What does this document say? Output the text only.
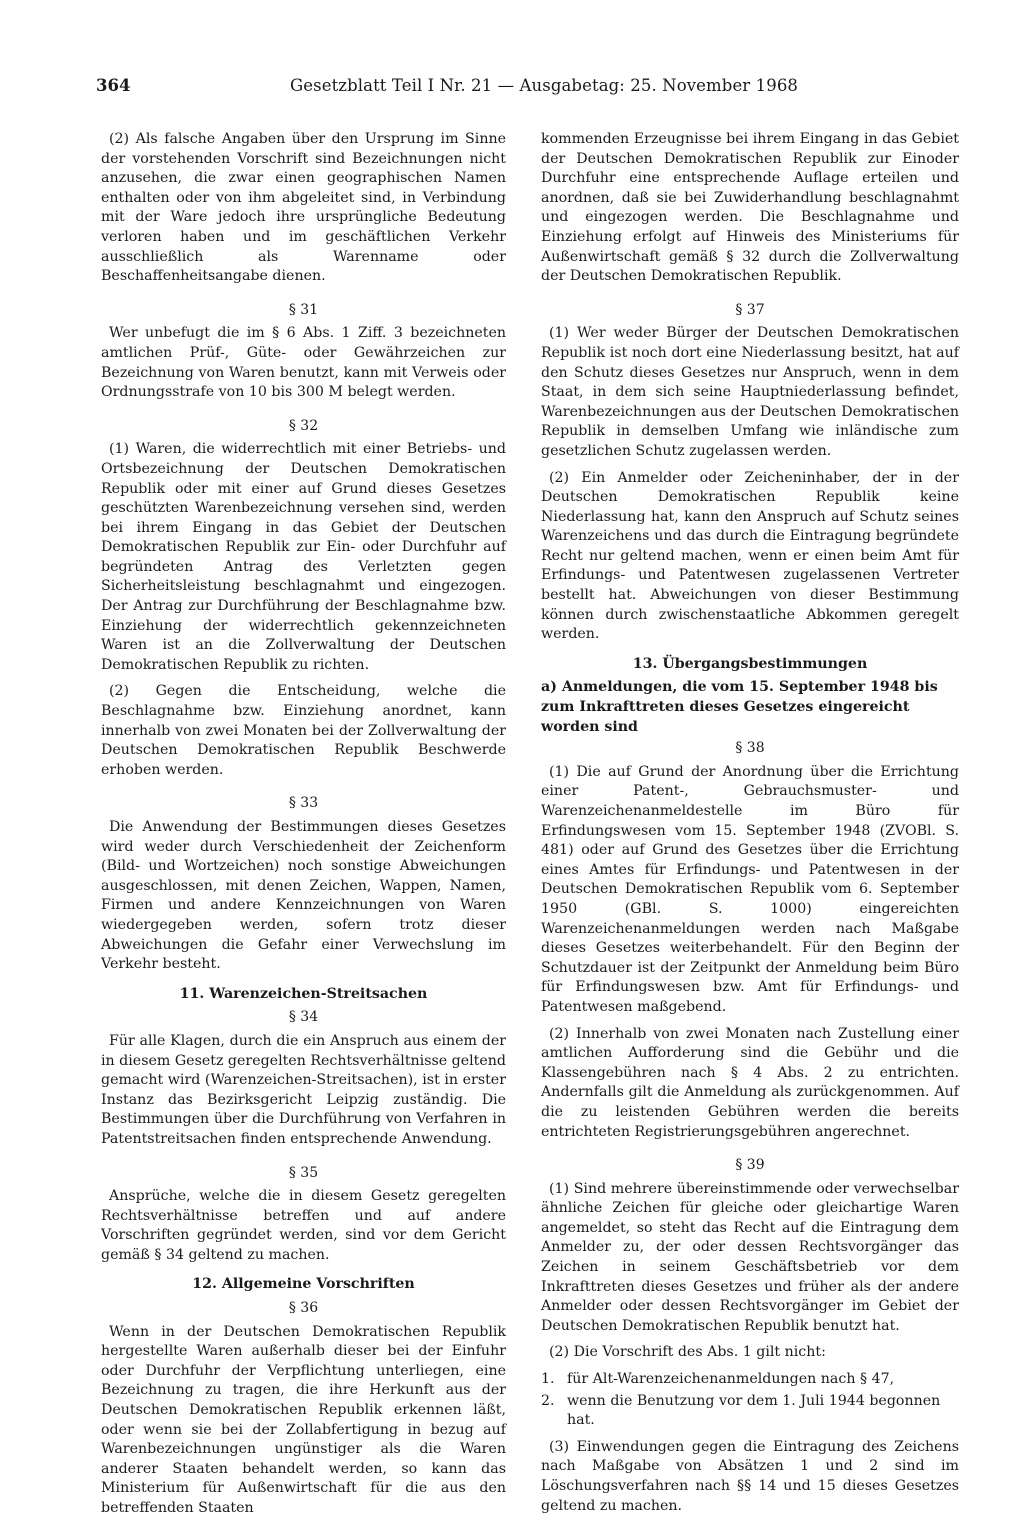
364	Gesetzblatt Teil I Nr. 21 — Ausgabetag: 25. November 1968

(2) Als falsche Angaben über den Ursprung im Sinne der vorstehenden Vorschrift sind Bezeichnungen nicht anzusehen, die zwar einen geographischen Namen enthalten oder von ihm abgeleitet sind, in Verbindung mit der Ware jedoch ihre ursprüngliche Bedeutung verloren haben und im geschäftlichen Verkehr ausschließlich als Warenname oder Beschaffenheitsangabe dienen.

§ 31

Wer unbefugt die im § 6 Abs. 1 Ziff. 3 bezeichneten amtlichen Prüf-, Güte- oder Gewährzeichen zur Bezeichnung von Waren benutzt, kann mit Verweis oder Ordnungsstrafe von 10 bis 300 M belegt werden.

§ 32

(1) Waren, die widerrechtlich mit einer Betriebs- und Ortsbezeichnung der Deutschen Demokratischen Republik oder mit einer auf Grund dieses Gesetzes geschützten Warenbezeichnung versehen sind, werden bei ihrem Eingang in das Gebiet der Deutschen Demokratischen Republik zur Ein- oder Durchfuhr auf begründeten Antrag des Verletzten gegen Sicherheitsleistung beschlagnahmt und eingezogen. Der Antrag zur Durchführung der Beschlagnahme bzw. Einziehung der widerrechtlich gekennzeichneten Waren ist an die Zollverwaltung der Deutschen Demokratischen Republik zu richten.

(2) Gegen die Entscheidung, welche die Beschlagnahme bzw. Einziehung anordnet, kann innerhalb von zwei Monaten bei der Zollverwaltung der Deutschen Demokratischen Republik Beschwerde erhoben werden.

§ 33

Die Anwendung der Bestimmungen dieses Gesetzes wird weder durch Verschiedenheit der Zeichenform (Bild- und Wortzeichen) noch sonstige Abweichungen ausgeschlossen, mit denen Zeichen, Wappen, Namen, Firmen und andere Kennzeichnungen von Waren wiedergegeben werden, sofern trotz dieser Abweichungen die Gefahr einer Verwechslung im Verkehr besteht.

11. Warenzeichen-Streitsachen
§ 34

Für alle Klagen, durch die ein Anspruch aus einem der in diesem Gesetz geregelten Rechtsverhältnisse geltend gemacht wird (Warenzeichen-Streitsachen), ist in erster Instanz das Bezirksgericht Leipzig zuständig. Die Bestimmungen über die Durchführung von Verfahren in Patentstreitsachen finden entsprechende Anwendung.

§ 35

Ansprüche, welche die in diesem Gesetz geregelten Rechtsverhältnisse betreffen und auf andere Vorschriften gegründet werden, sind vor dem Gericht gemäß § 34 geltend zu machen.

12. Allgemeine Vorschriften
§ 36

Wenn in der Deutschen Demokratischen Republik hergestellte Waren außerhalb dieser bei der Einfuhr oder Durchfuhr der Verpflichtung unterliegen, eine Bezeichnung zu tragen, die ihre Herkunft aus der Deutschen Demokratischen Republik erkennen läßt, oder wenn sie bei der Zollabfertigung in bezug auf Warenbezeichnungen ungünstiger als die Waren anderer Staaten behandelt werden, so kann das Ministerium für Außenwirtschaft für die aus den betreffenden Staaten

kommenden Erzeugnisse bei ihrem Eingang in das Gebiet der Deutschen Demokratischen Republik zur Einoder Durchfuhr eine entsprechende Auflage erteilen und anordnen, daß sie bei Zuwiderhandlung beschlagnahmt und eingezogen werden. Die Beschlagnahme und Einziehung erfolgt auf Hinweis des Ministeriums für Außenwirtschaft gemäß § 32 durch die Zollverwaltung der Deutschen Demokratischen Republik.

§ 37

(1) Wer weder Bürger der Deutschen Demokratischen Republik ist noch dort eine Niederlassung besitzt, hat auf den Schutz dieses Gesetzes nur Anspruch, wenn in dem Staat, in dem sich seine Hauptniederlassung befindet, Warenbezeichnungen aus der Deutschen Demokratischen Republik in demselben Umfang wie inländische zum gesetzlichen Schutz zugelassen werden.

(2) Ein Anmelder oder Zeicheninhaber, der in der Deutschen Demokratischen Republik keine Niederlassung hat, kann den Anspruch auf Schutz seines Warenzeichens und das durch die Eintragung begründete Recht nur geltend machen, wenn er einen beim Amt für Erfindungs- und Patentwesen zugelassenen Vertreter bestellt hat. Abweichungen von dieser Bestimmung können durch zwischenstaatliche Abkommen geregelt werden.

13. Übergangsbestimmungen
a) Anmeldungen, die vom 15. September 1948 bis zum Inkrafttreten dieses Gesetzes eingereicht worden sind
§ 38

(1) Die auf Grund der Anordnung über die Errichtung einer Patent-, Gebrauchsmuster- und Warenzeichenanmeldestelle im Büro für Erfindungswesen vom 15. September 1948 (ZVOBl. S. 481) oder auf Grund des Gesetzes über die Errichtung eines Amtes für Erfindungs- und Patentwesen in der Deutschen Demokratischen Republik vom 6. September 1950 (GBl. S. 1000) eingereichten Warenzeichenanmeldungen werden nach Maßgabe dieses Gesetzes weiterbehandelt. Für den Beginn der Schutzdauer ist der Zeitpunkt der Anmeldung beim Büro für Erfindungswesen bzw. Amt für Erfindungs- und Patentwesen maßgebend.

(2) Innerhalb von zwei Monaten nach Zustellung einer amtlichen Aufforderung sind die Gebühr und die Klassengebühren nach § 4 Abs. 2 zu entrichten. Andernfalls gilt die Anmeldung als zurückgenommen. Auf die zu leistenden Gebühren werden die bereits entrichteten Registrierungsgebühren angerechnet.

§ 39

(1) Sind mehrere übereinstimmende oder verwechselbar ähnliche Zeichen für gleiche oder gleichartige Waren angemeldet, so steht das Recht auf die Eintragung dem Anmelder zu, der oder dessen Rechtsvorgänger das Zeichen in seinem Geschäftsbetrieb vor dem Inkrafttreten dieses Gesetzes und früher als der andere Anmelder oder dessen Rechtsvorgänger im Gebiet der Deutschen Demokratischen Republik benutzt hat.

(2) Die Vorschrift des Abs. 1 gilt nicht:

1. für Alt-Warenzeichenanmeldungen nach § 47,
2. wenn die Benutzung vor dem 1. Juli 1944 begonnen hat.

(3) Einwendungen gegen die Eintragung des Zeichens nach Maßgabe von Absätzen 1 und 2 sind im Löschungsverfahren nach §§ 14 und 15 dieses Gesetzes geltend zu machen.
